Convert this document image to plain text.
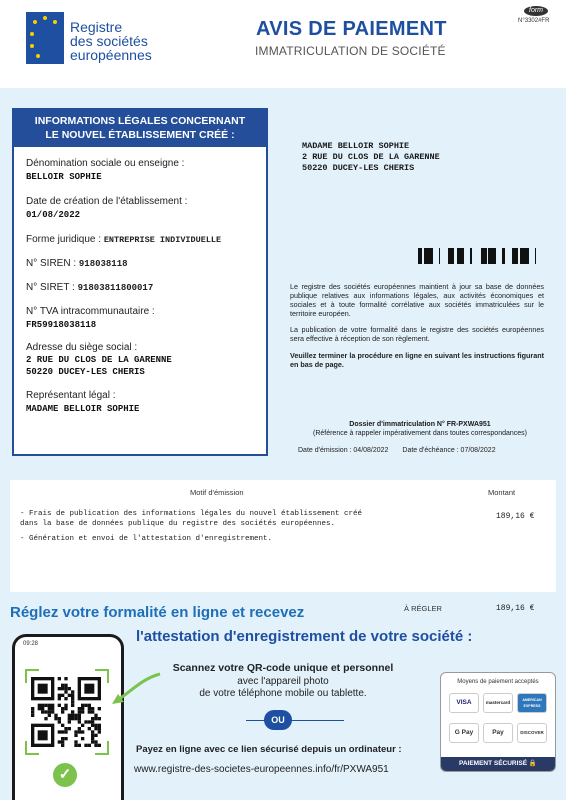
Registre
des sociétés
européennes
AVIS DE PAIEMENT
IMMATRICULATION DE SOCIÉTÉ
form
N°3302#FR
INFORMATIONS LÉGALES CONCERNANT
LE NOUVEL ÉTABLISSEMENT CRÉÉ :
Dénomination sociale ou enseigne :
BELLOIR SOPHIE
Date de création de l'établissement :
01/08/2022
Forme juridique : ENTREPRISE INDIVIDUELLE
N° SIREN : 918038118
N° SIRET : 91803811800017
N° TVA intracommunautaire :
FR59918038118
Adresse du siège social :
2 RUE DU CLOS DE LA GARENNE
50220 DUCEY-LES CHERIS
Représentant légal :
MADAME BELLOIR SOPHIE
MADAME BELLOIR SOPHIE
2 RUE DU CLOS DE LA GARENNE
50220 DUCEY-LES CHERIS
Le registre des sociétés européennes maintient à jour sa base de données publique relatives aux informations légales, aux activités économiques et sociales et à toute formalité corrélative aux sociétés immatriculées sur le territoire européen.
La publication de votre formalité dans le registre des sociétés européennes sera effective à réception de son règlement.
Veuillez terminer la procédure en ligne en suivant les instructions figurant en bas de page.
Dossier d'immatriculation N° FR-PXWA951
(Référence à rappeler impérativement dans toutes correspondances)
Date d'émission : 04/08/2022 Date d'échéance : 07/08/2022
Motif d'émission	Montant
- Frais de publication des informations légales du nouvel établissement créé
dans la base de données publique du registre des sociétés européennes.
- Génération et envoi de l'attestation d'enregistrement.
189,16 €
À RÉGLER	189,16 €
Réglez votre formalité en ligne et recevez
l'attestation d'enregistrement de votre société :
09:28
✓
Scannez votre QR-code unique et personnel
avec l'appareil photo
de votre téléphone mobile ou tablette.
OU
Payez en ligne avec ce lien sécurisé depuis un ordinateur :
www.registre-des-societes-europeennes.info/fr/PXWA951
Moyens de paiement acceptés
VISA	mastercard	AMERICAN EXPRESS
G Pay	Pay	DISCOVER
PAIEMENT SÉCURISÉ 🔒
